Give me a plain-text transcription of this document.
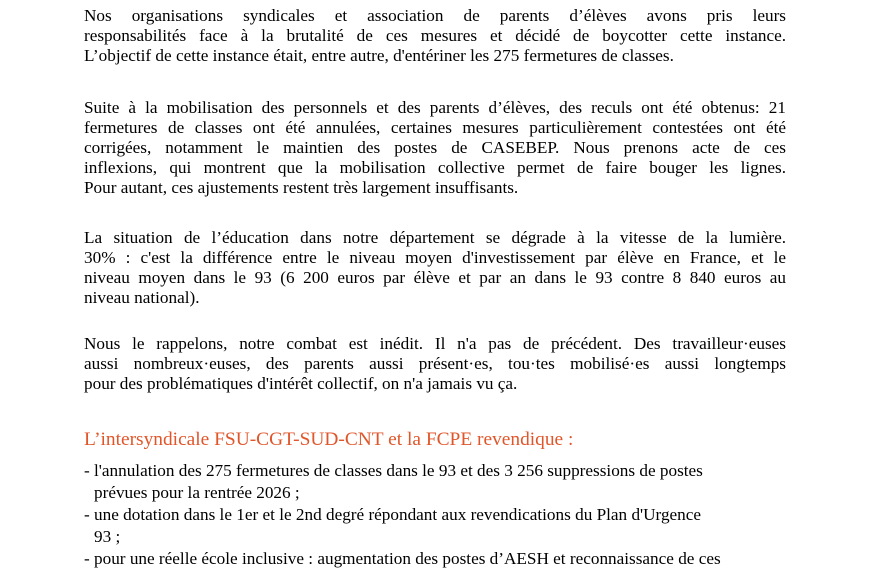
Nos organisations syndicales et association de parents d’élèves avons pris leurs
responsabilités face à la brutalité de ces mesures et décidé de boycotter cette instance.
L’objectif de cette instance était, entre autre, d'entériner les 275 fermetures de classes.

Suite à la mobilisation des personnels et des parents d’élèves, des reculs ont été obtenus: 21
fermetures de classes ont été annulées, certaines mesures particulièrement contestées ont été
corrigées, notamment le maintien des postes de CASEBEP. Nous prenons acte de ces
inflexions, qui montrent que la mobilisation collective permet de faire bouger les lignes.
Pour autant, ces ajustements restent très largement insuffisants.

La situation de l’éducation dans notre département se dégrade à la vitesse de la lumière.
30% : c'est la différence entre le niveau moyen d'investissement par élève en France, et le
niveau moyen dans le 93 (6 200 euros par élève et par an dans le 93 contre 8 840 euros au
niveau national).

Nous le rappelons, notre combat est inédit. Il n'a pas de précédent. Des travailleur·euses
aussi nombreux·euses, des parents aussi présent·es, tou·tes mobilisé·es aussi longtemps
pour des problématiques d'intérêt collectif, on n'a jamais vu ça.

L’intersyndicale FSU-CGT-SUD-CNT et la FCPE revendique :
- l'annulation des 275 fermetures de classes dans le 93 et des 3 256 suppressions de postes
prévues pour la rentrée 2026 ;
- une dotation dans le 1er et le 2nd degré répondant aux revendications du Plan d'Urgence
93 ;
- pour une réelle école inclusive : augmentation des postes d’AESH et reconnaissance de ces
